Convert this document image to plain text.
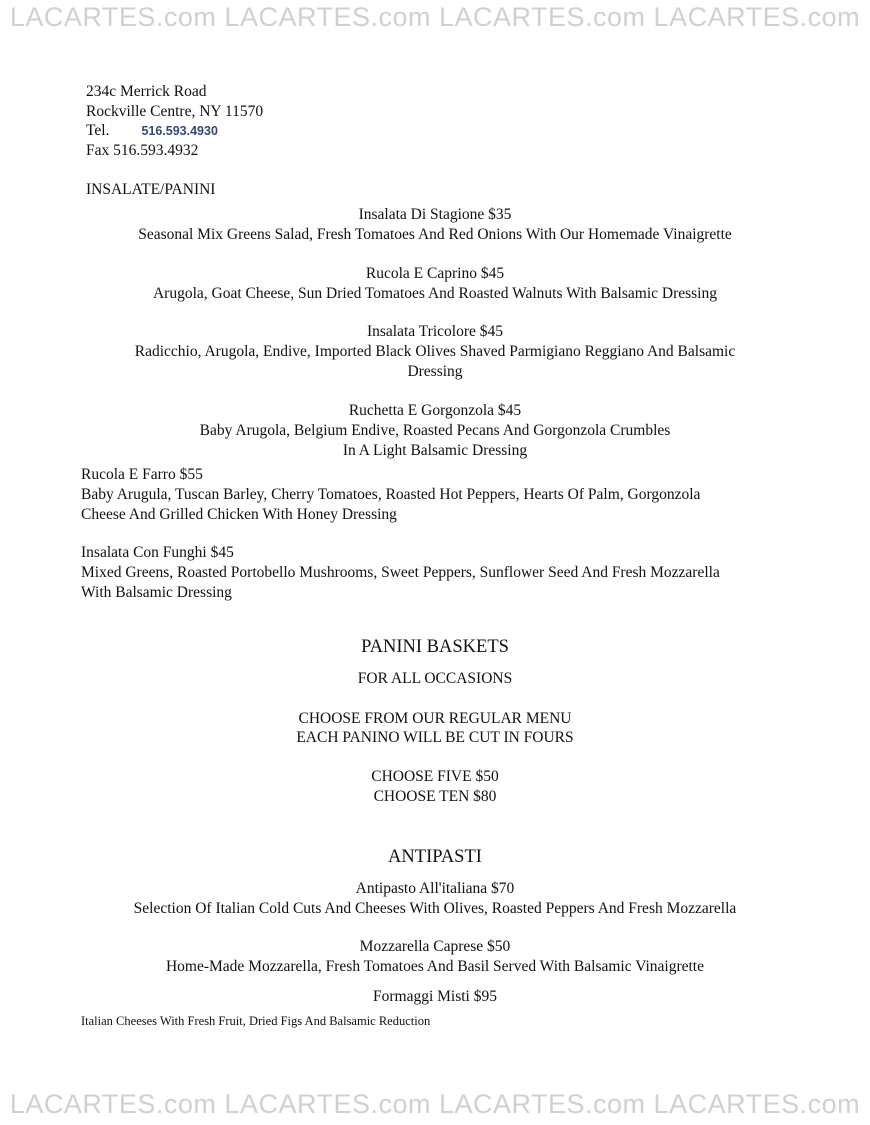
LACARTES.com LACARTES.com LACARTES.com LACARTES.com
234c Merrick Road
Rockville Centre, NY 11570
Tel.	516.593.4930
Fax 516.593.4932
INSALATE/PANINI
Insalata Di Stagione $35
Seasonal Mix Greens Salad, Fresh Tomatoes And Red Onions With Our Homemade Vinaigrette
Rucola E Caprino $45
Arugola, Goat Cheese, Sun Dried Tomatoes And Roasted Walnuts With Balsamic Dressing
Insalata Tricolore $45
Radicchio, Arugola, Endive, Imported Black Olives Shaved Parmigiano Reggiano And Balsamic
Dressing
Ruchetta E Gorgonzola $45
Baby Arugola, Belgium Endive, Roasted Pecans And Gorgonzola Crumbles
In A Light Balsamic Dressing
Rucola E Farro $55
Baby Arugula, Tuscan Barley, Cherry Tomatoes, Roasted Hot Peppers, Hearts Of Palm, Gorgonzola
Cheese And Grilled Chicken With Honey Dressing
Insalata Con Funghi $45
Mixed Greens, Roasted Portobello Mushrooms, Sweet Peppers, Sunflower Seed And Fresh Mozzarella
With Balsamic Dressing
PANINI BASKETS
FOR ALL OCCASIONS
CHOOSE FROM OUR REGULAR MENU
EACH PANINO WILL BE CUT IN FOURS
CHOOSE FIVE $50
CHOOSE TEN $80
ANTIPASTI
Antipasto All'italiana $70
Selection Of Italian Cold Cuts And Cheeses With Olives, Roasted Peppers And Fresh Mozzarella
Mozzarella Caprese $50
Home-Made Mozzarella, Fresh Tomatoes And Basil Served With Balsamic Vinaigrette
Formaggi Misti $95
Italian Cheeses With Fresh Fruit, Dried Figs And Balsamic Reduction
LACARTES.com LACARTES.com LACARTES.com LACARTES.com
